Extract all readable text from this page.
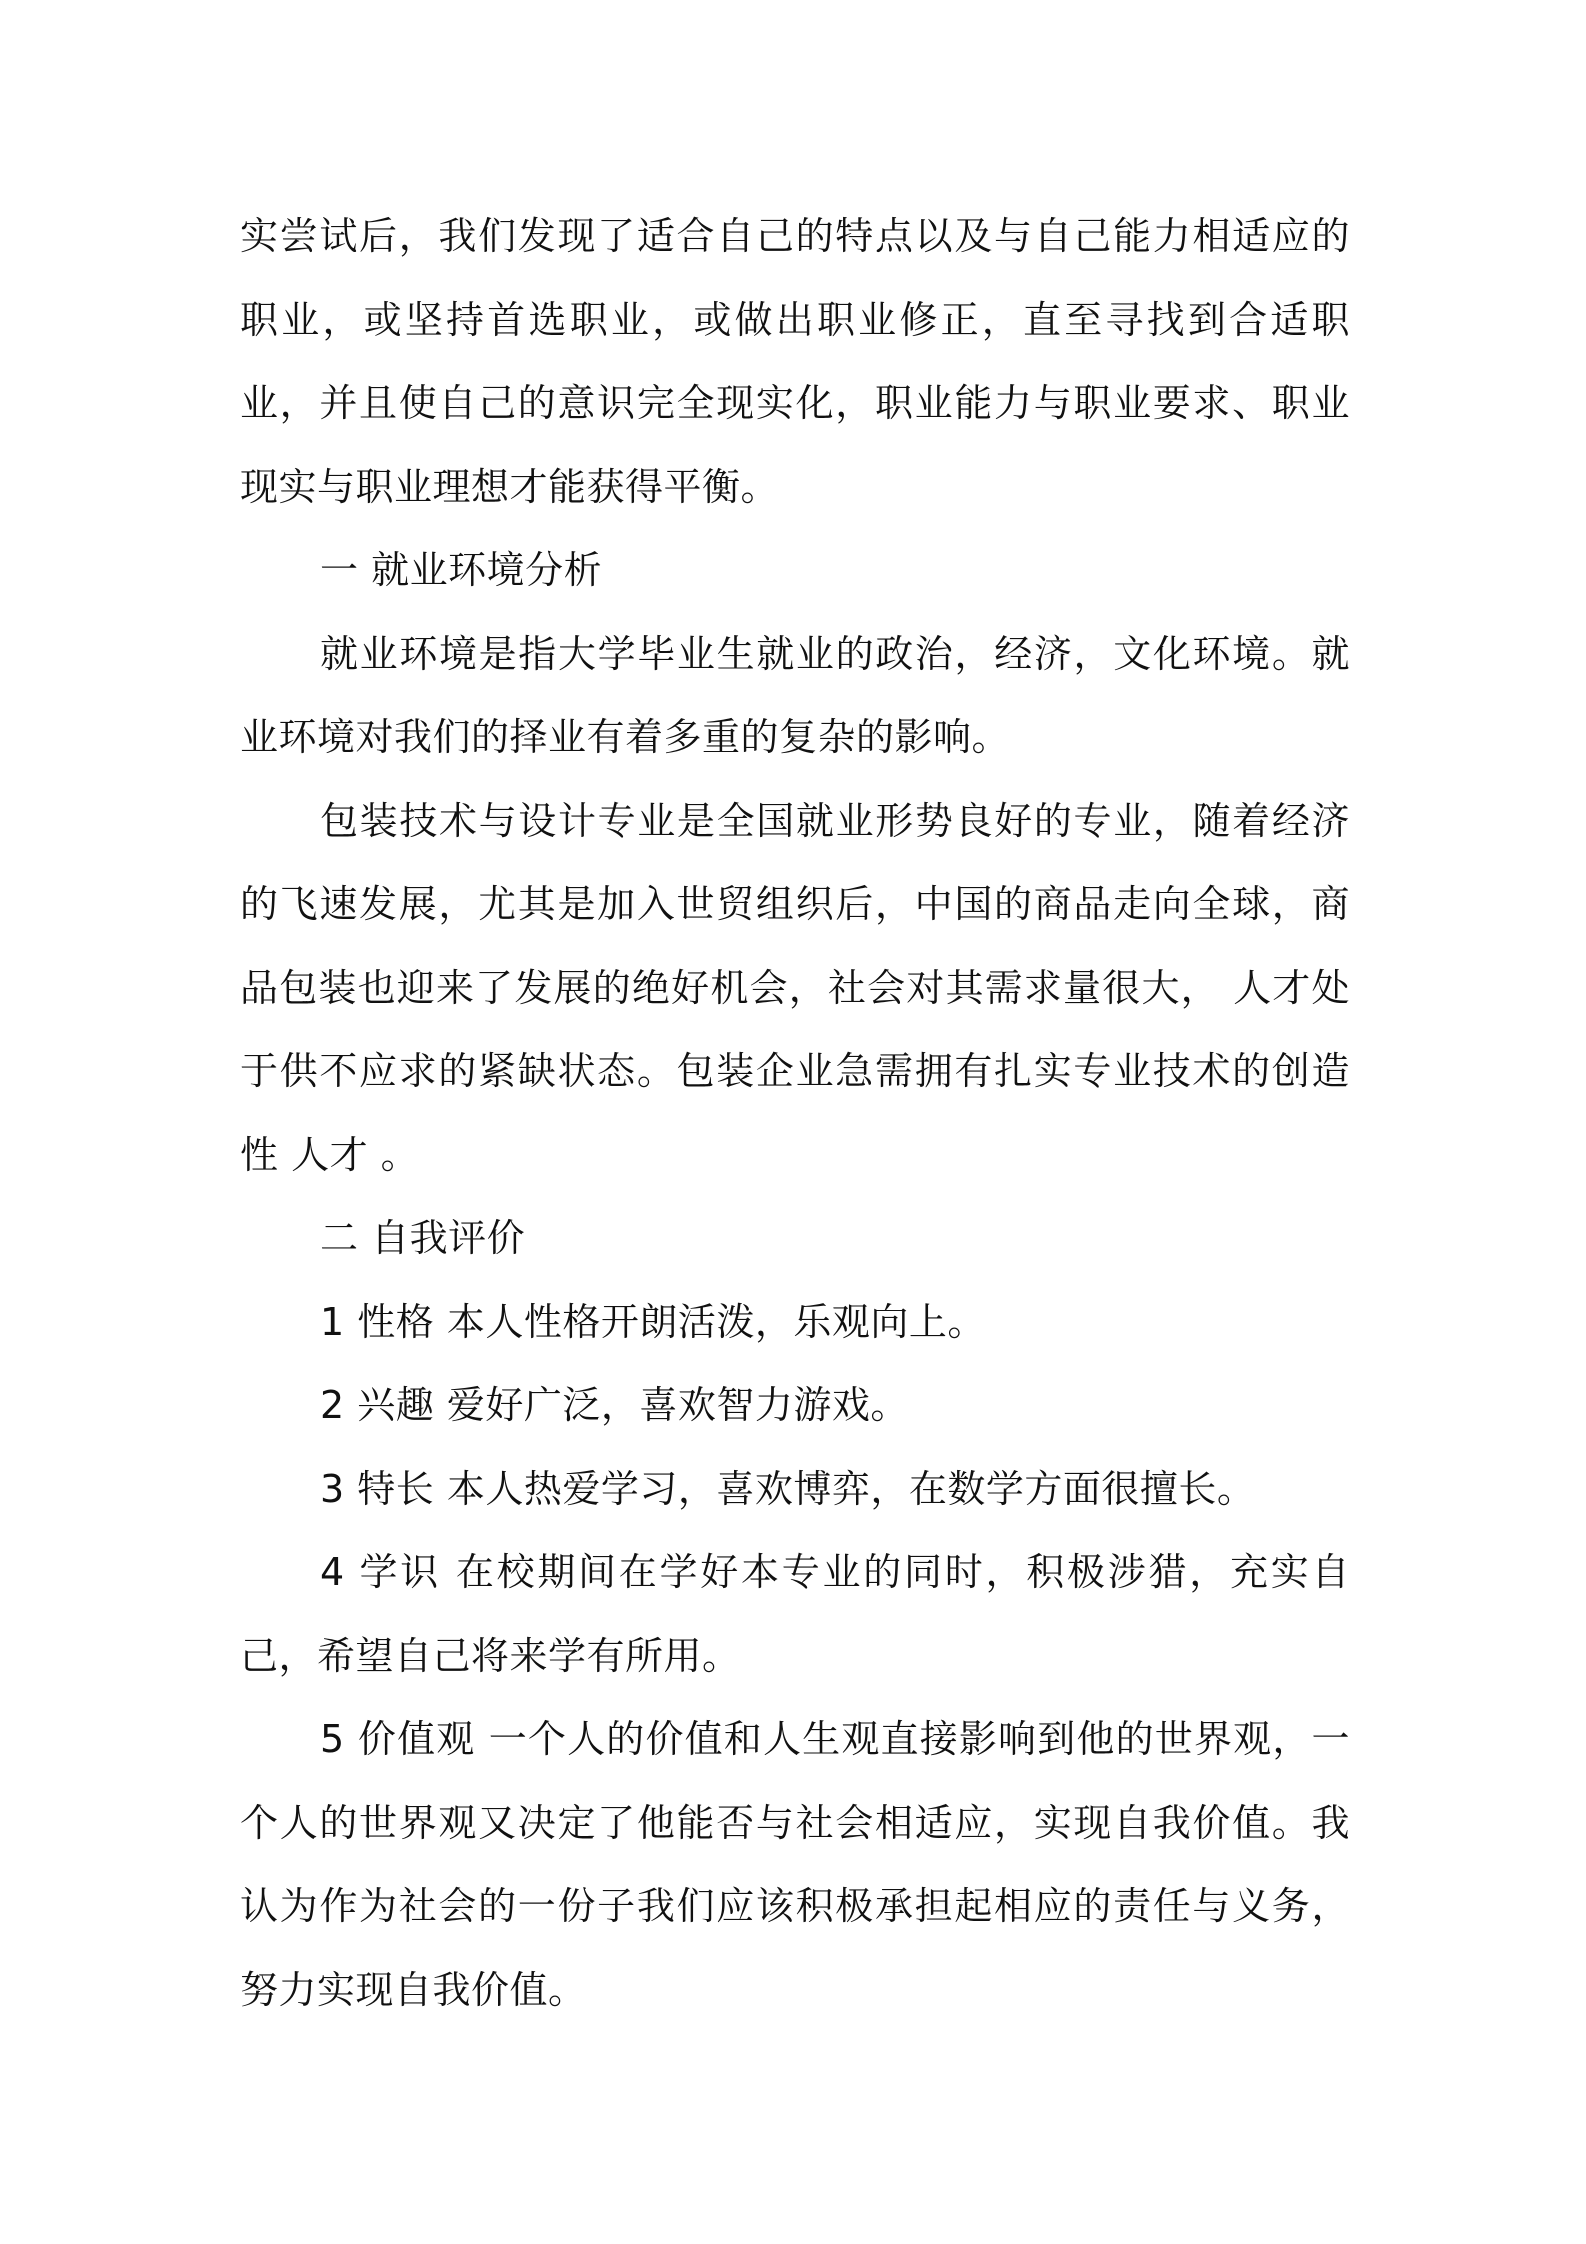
实尝试后，我们发现了适合自己的特点以及与自己能力相适应的职业，或坚持首选职业，或做出职业修正，直至寻找到合适职业，并且使自己的意识完全现实化，职业能力与职业要求、职业现实与职业理想才能获得平衡。

一 就业环境分析

就业环境是指大学毕业生就业的政治，经济，文化环境。就业环境对我们的择业有着多重的复杂的影响。

包装技术与设计专业是全国就业形势良好的专业，随着经济的飞速发展，尤其是加入世贸组织后，中国的商品走向全球，商品包装也迎来了发展的绝好机会，社会对其需求量很大， 人才处于供不应求的紧缺状态。包装企业急需拥有扎实专业技术的创造性 人才 。

二 自我评价

1 性格 本人性格开朗活泼，乐观向上。

2 兴趣 爱好广泛，喜欢智力游戏。

3 特长 本人热爱学习，喜欢博弈，在数学方面很擅长。

4 学识 在校期间在学好本专业的同时，积极涉猎，充实自己，希望自己将来学有所用。

5 价值观 一个人的价值和人生观直接影响到他的世界观，一个人的世界观又决定了他能否与社会相适应，实现自我价值。我认为作为社会的一份子我们应该积极承担起相应的责任与义务，努力实现自我价值。
